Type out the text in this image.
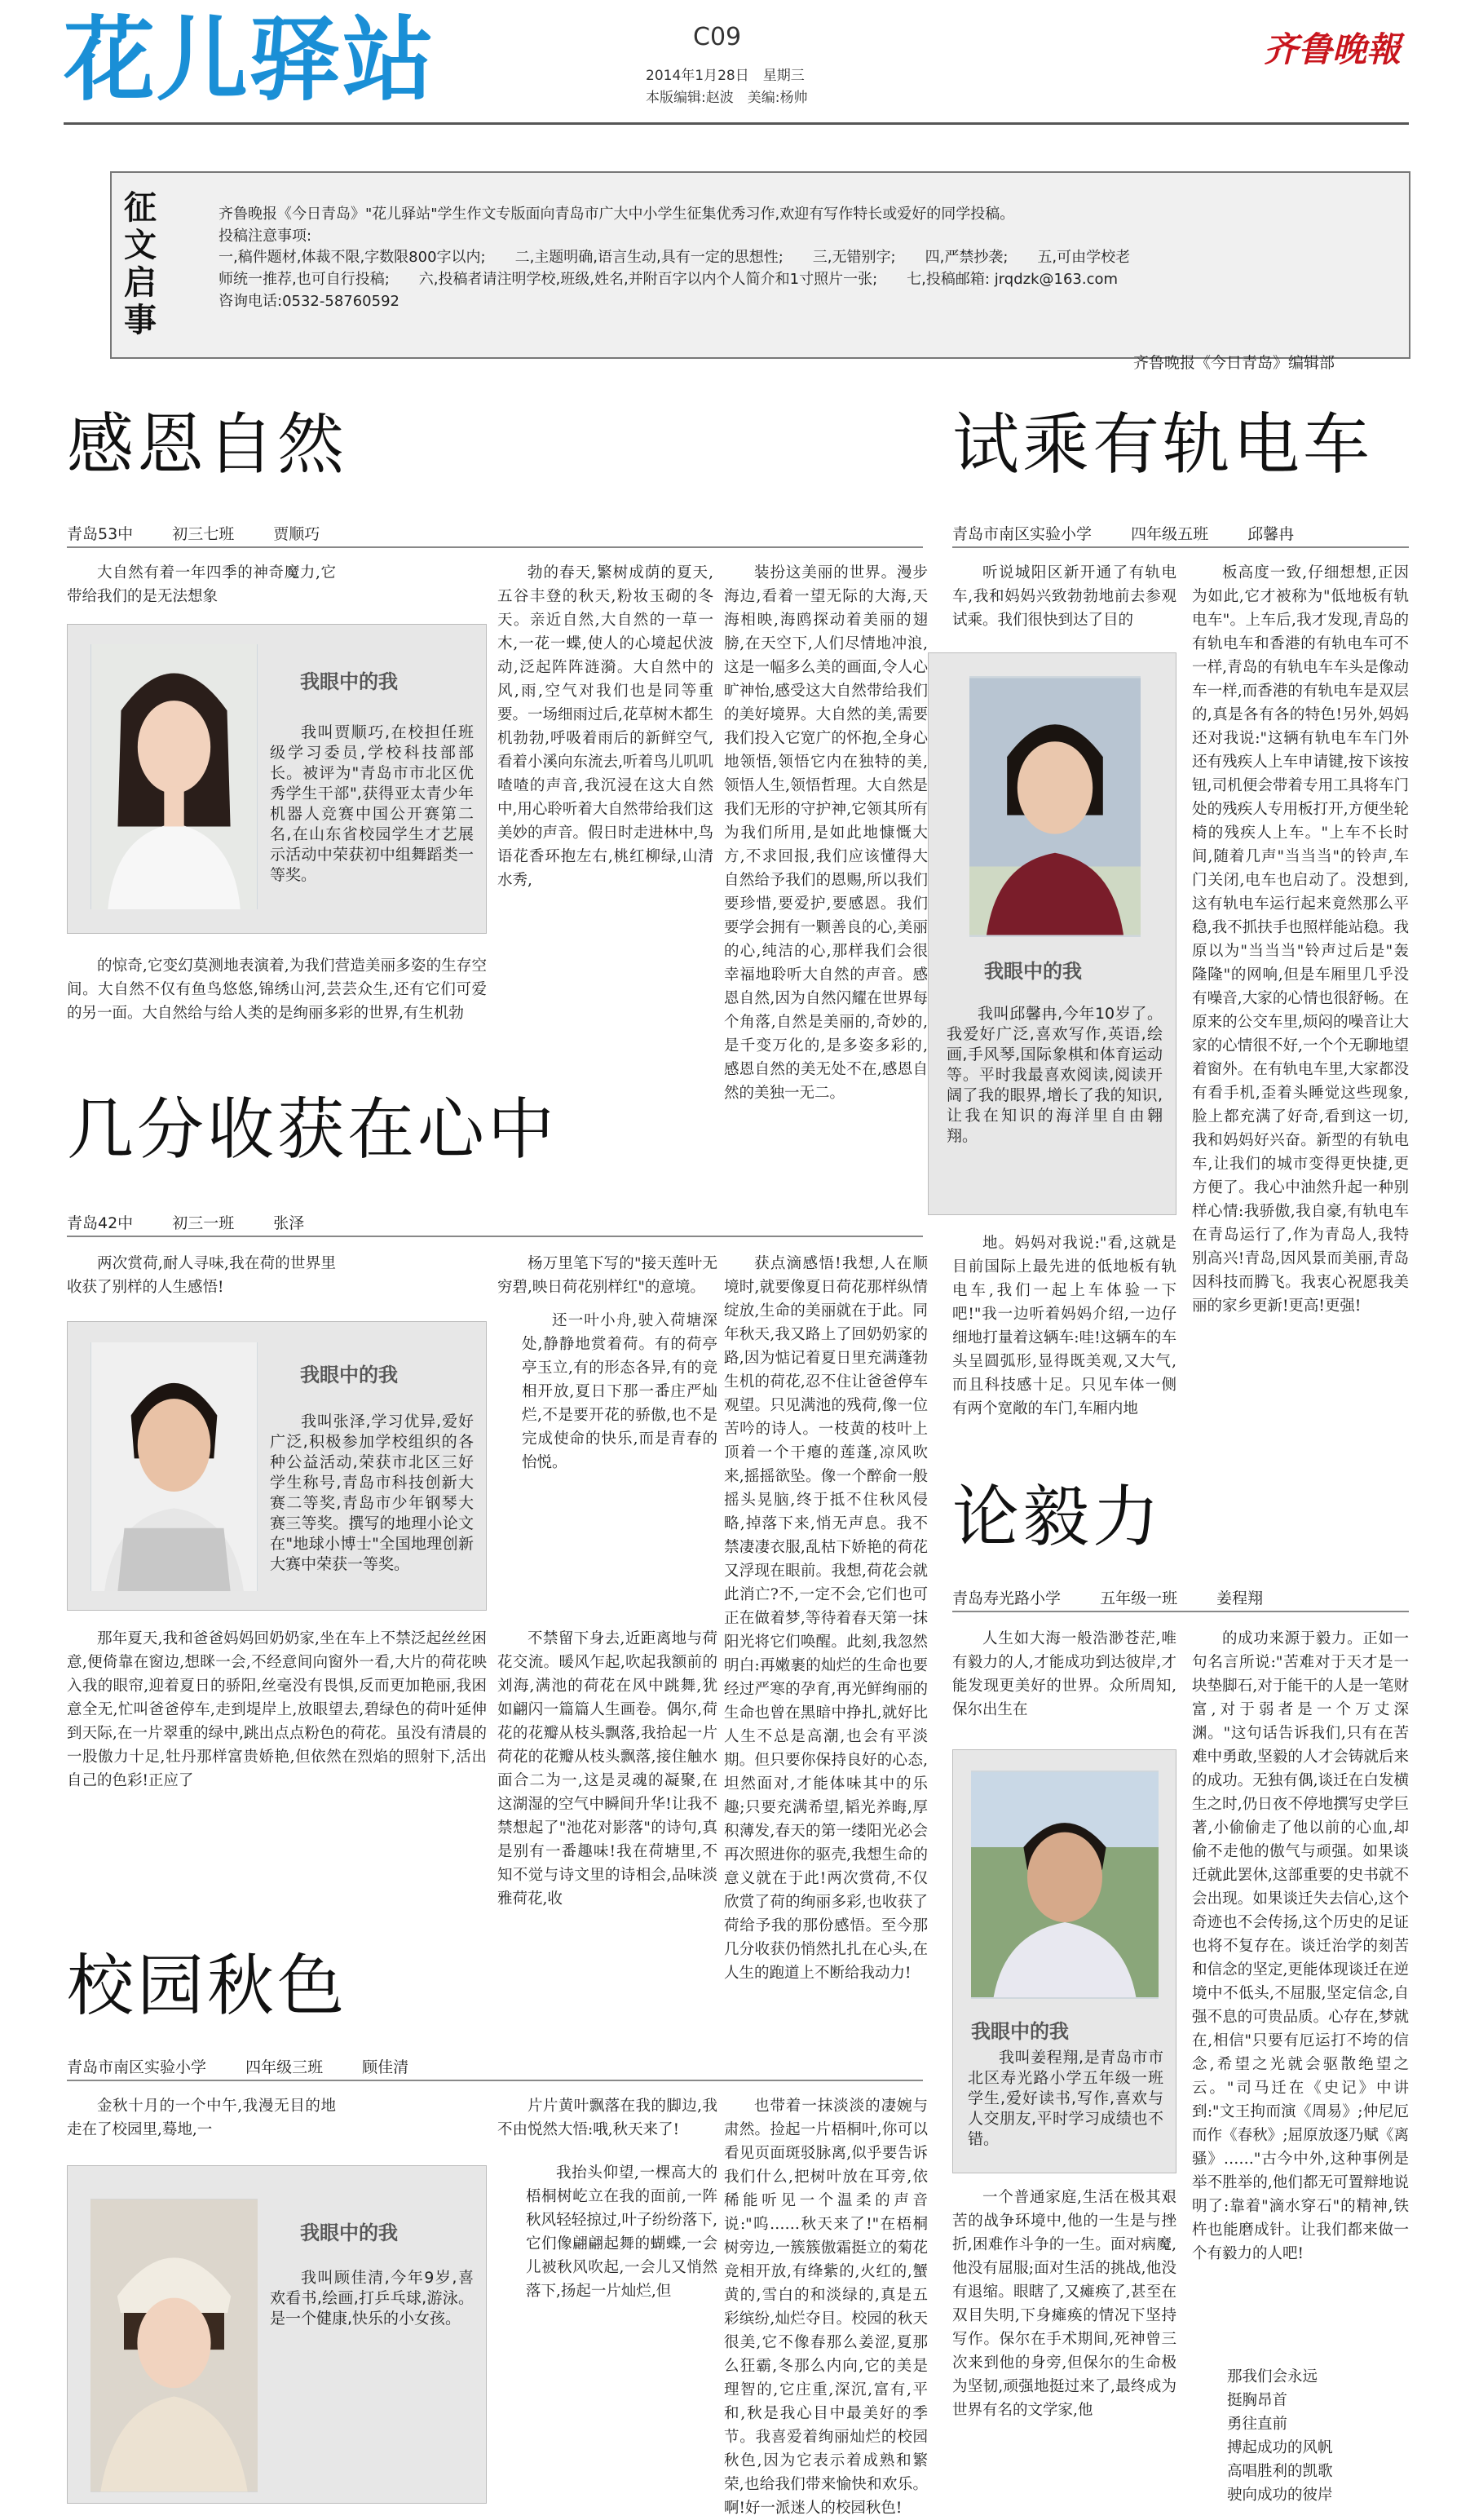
花儿驿站	C09
2014年1月28日　星期三
本版编辑:赵波　美编:杨帅
齐鲁晚報
征文启事
齐鲁晚报《今日青岛》"花儿驿站"学生作文专版面向青岛市广大中小学生征集优秀习作,欢迎有写作特长或爱好的同学投稿。
投稿注意事项:
一,稿件题材,体裁不限,字数限800字以内;　　二,主题明确,语言生动,具有一定的思想性;　　三,无错别字;　　四,严禁抄袭;　　五,可由学校老
师统一推荐,也可自行投稿;　　六,投稿者请注明学校,班级,姓名,并附百字以内个人简介和1寸照片一张;　　七,投稿邮箱: jrqdzk@163.com
咨询电话:0532-58760592
齐鲁晚报《今日青岛》编辑部
感恩自然
青岛53中	初三七班	贾顺巧

大自然有着一年四季的神奇魔力,它带给我们的是无法想象

我眼中的我
我叫贾顺巧,在校担任班级学习委员,学校科技部部长。被评为"青岛市市北区优秀学生干部",获得亚太青少年机器人竞赛中国公开赛第二名,在山东省校园学生才艺展示活动中荣获初中组舞蹈类一等奖。

的惊奇,它变幻莫测地表演着,为我们营造美丽多姿的生存空间。大自然不仅有鱼鸟悠悠,锦绣山河,芸芸众生,还有它们可爱的另一面。大自然给与给人类的是绚丽多彩的世界,有生机勃

勃的春天,繁树成荫的夏天,五谷丰登的秋天,粉妆玉砌的冬天。亲近自然,大自然的一草一木,一花一蝶,使人的心境起伏波动,泛起阵阵涟漪。大自然中的风,雨,空气对我们也是同等重要。一场细雨过后,花草树木都生机勃勃,呼吸着雨后的新鲜空气,看着小溪向东流去,听着鸟儿叽叽喳喳的声音,我沉浸在这大自然中,用心聆听着大自然带给我们这美妙的声音。假日时走进林中,鸟语花香环抱左右,桃红柳绿,山清水秀,

装扮这美丽的世界。漫步海边,看着一望无际的大海,天海相映,海鸥探动着美丽的翅膀,在天空下,人们尽情地冲浪,这是一幅多么美的画面,令人心旷神怡,感受这大自然带给我们的美好境界。大自然的美,需要我们投入它宽广的怀抱,全身心地领悟,领悟它内在独特的美,领悟人生,领悟哲理。大自然是我们无形的守护神,它领其所有为我们所用,是如此地慷慨大方,不求回报,我们应该懂得大自然给予我们的恩赐,所以我们要珍惜,要爱护,要感恩。我们要学会拥有一颗善良的心,美丽的心,纯洁的心,那样我们会很幸福地聆听大自然的声音。感恩自然,因为自然闪耀在世界每个角落,自然是美丽的,奇妙的,是千变万化的,是多姿多彩的,感恩自然的美无处不在,感恩自然的美独一无二。

几分收获在心中
青岛42中	初三一班	张泽

两次赏荷,耐人寻味,我在荷的世界里收获了别样的人生感悟!

我眼中的我
我叫张泽,学习优异,爱好广泛,积极参加学校组织的各种公益活动,荣获市北区三好学生称号,青岛市科技创新大赛二等奖,青岛市少年钢琴大赛三等奖。撰写的地理小论文在"地球小博士"全国地理创新大赛中荣获一等奖。

那年夏天,我和爸爸妈妈回奶奶家,坐在车上不禁泛起丝丝困意,便倚靠在窗边,想眯一会,不经意间向窗外一看,大片的荷花映入我的眼帘,迎着夏日的骄阳,丝毫没有畏惧,反而更加艳丽,我困意全无,忙叫爸爸停车,走到堤岸上,放眼望去,碧绿色的荷叶延伸到天际,在一片翠重的绿中,跳出点点粉色的荷花。虽没有清晨的一股傲力十足,牡丹那样富贵娇艳,但依然在烈焰的照射下,活出自己的色彩!正应了

杨万里笔下写的"接天莲叶无穷碧,映日荷花别样红"的意境。

还一叶小舟,驶入荷塘深处,静静地赏着荷。有的荷亭亭玉立,有的形态各异,有的竞相开放,夏日下那一番庄严灿烂,不是要开花的骄傲,也不是完成使命的快乐,而是青春的怡悦。

不禁留下身去,近距离地与荷花交流。暖风乍起,吹起我额前的刘海,满池的荷花在风中跳舞,犹如翩闪一篇篇人生画卷。偶尔,荷花的花瓣从枝头飘落,我拾起一片荷花的花瓣从枝头飘落,接住触水面合二为一,这是灵魂的凝聚,在这湖湿的空气中瞬间升华!让我不禁想起了"池花对影落"的诗句,真是别有一番趣味!我在荷塘里,不知不觉与诗文里的诗相会,品味淡雅荷花,收

获点滴感悟!我想,人在顺境时,就要像夏日荷花那样纵情绽放,生命的美丽就在于此。同年秋天,我又路上了回奶奶家的路,因为惦记着夏日里充满蓬勃生机的荷花,忍不住让爸爸停车观望。只见满池的残荷,像一位苦吟的诗人。一枝黄的枝叶上顶着一个干瘪的莲蓬,凉风吹来,摇摇欲坠。像一个醉俞一般摇头晃脑,终于抵不住秋风侵略,掉落下来,悄无声息。我不禁凄凄衣服,乱枯下娇艳的荷花又浮现在眼前。我想,荷花会就此消亡?不,一定不会,它们也可正在做着梦,等待着春天第一抹阳光将它们唤醒。此刻,我忽然明白:再嫩裹的灿烂的生命也要经过严寒的孕育,再光鲜绚丽的生命也曾在黑暗中挣扎,就好比人生不总是高潮,也会有平淡期。但只要你保持良好的心态,坦然面对,才能体味其中的乐趣;只要充满希望,韬光养晦,厚积薄发,春天的第一缕阳光必会再次照进你的驱壳,我想生命的意义就在于此!两次赏荷,不仅欣赏了荷的绚丽多彩,也收获了荷给予我的那份感悟。至今那几分收获仍悄然扎扎在心头,在人生的跑道上不断给我动力!

校园秋色
青岛市南区实验小学	四年级三班	顾佳清

金秋十月的一个中午,我漫无目的地走在了校园里,蓦地,一

我眼中的我
我叫顾佳清,今年9岁,喜欢看书,绘画,打乒乓球,游泳。是一个健康,快乐的小女孩。

片片黄叶飘落在我的脚边,我不由悦然大悟:哦,秋天来了!

我抬头仰望,一棵高大的梧桐树屹立在我的面前,一阵秋风轻轻掠过,叶子纷纷落下,它们像翩翩起舞的蝴蝶,一会儿被秋风吹起,一会儿又悄然落下,扬起一片灿烂,但

也带着一抹淡淡的凄婉与肃然。捡起一片梧桐叶,你可以看见页面斑驳脉离,似乎要告诉我们什么,把树叶放在耳旁,依稀能听见一个温柔的声音说:"呜……秋天来了!"在梧桐树旁边,一簇簇傲霜挺立的菊花竞相开放,有绛紫的,火红的,蟹黄的,雪白的和淡绿的,真是五彩缤纷,灿烂夺目。校园的秋天很美,它不像春那么姜涩,夏那么狂霸,冬那么内向,它的美是理智的,它庄重,深沉,富有,平和,秋是我心目中最美好的季节。我喜爱着绚丽灿烂的校园秋色,因为它表示着成熟和繁荣,也给我们带来愉快和欢乐。啊!好一派迷人的校园秋色!

试乘有轨电车
青岛市南区实验小学	四年级五班	邱馨冉

听说城阳区新开通了有轨电车,我和妈妈兴致勃勃地前去参观试乘。我们很快到达了目的

我眼中的我
我叫邱馨冉,今年10岁了。我爱好广泛,喜欢写作,英语,绘画,手风琴,国际象棋和体育运动等。平时我最喜欢阅读,阅读开阔了我的眼界,增长了我的知识,让我在知识的海洋里自由翱翔。

地。妈妈对我说:"看,这就是目前国际上最先进的低地板有轨电车,我们一起上车体验一下吧!"我一边听着妈妈介绍,一边仔细地打量着这辆车:哇!这辆车的车头呈圆弧形,显得既美观,又大气,而且科技感十足。只见车体一侧有两个宽敞的车门,车厢内地

板高度一致,仔细想想,正因为如此,它才被称为"低地板有轨电车"。上车后,我才发现,青岛的有轨电车和香港的有轨电车可不一样,青岛的有轨电车车头是像动车一样,而香港的有轨电车是双层的,真是各有各的特色!另外,妈妈还对我说:"这辆有轨电车车门外还有残疾人上车申请键,按下该按钮,司机便会带着专用工具将车门处的残疾人专用板打开,方便坐轮椅的残疾人上车。"上车不长时间,随着几声"当当当"的铃声,车门关闭,电车也启动了。没想到,这有轨电车运行起来竟然那么平稳,我不抓扶手也照样能站稳。我原以为"当当当"铃声过后是"轰隆隆"的网响,但是车厢里几乎没有噪音,大家的心情也很舒畅。在原来的公交车里,烦闷的噪音让大家的心情很不好,一个个无聊地望着窗外。在有轨电车里,大家都没有看手机,歪着头睡觉这些现象,脸上都充满了好奇,看到这一切,我和妈妈好兴奋。新型的有轨电车,让我们的城市变得更快捷,更方便了。我心中油然升起一种别样心情:我骄傲,我自豪,有轨电车在青岛运行了,作为青岛人,我特别高兴!青岛,因风景而美丽,青岛因科技而腾飞。我衷心祝愿我美丽的家乡更新!更高!更强!

论毅力
青岛寿光路小学	五年级一班	姜程翔

人生如大海一般浩渺苍茫,唯有毅力的人,才能成功到达彼岸,才能发现更美好的世界。众所周知,保尔出生在

我眼中的我
我叫姜程翔,是青岛市市北区寿光路小学五年级一班学生,爱好读书,写作,喜欢与人交朋友,平时学习成绩也不错。

一个普通家庭,生活在极其艰苦的战争环境中,他的一生是与挫折,困难作斗争的一生。面对病魔,他没有屈服;面对生活的挑战,他没有退缩。眼瞎了,又瘫痪了,甚至在双目失明,下身瘫痪的情况下坚持写作。保尔在手术期间,死神曾三次来到他的身旁,但保尔的生命极为坚韧,顽强地挺过来了,最终成为世界有名的文学家,他

的成功来源于毅力。正如一句名言所说:"苦难对于天才是一块垫脚石,对于能干的人是一笔财富,对于弱者是一个万丈深渊。"这句话告诉我们,只有在苦难中勇敢,坚毅的人才会铸就后来的成功。无独有偶,谈迁在白发横生之时,仍日夜不停地撰写史学巨著,小偷偷走了他以前的心血,却偷不走他的傲气与顽强。如果谈迁就此罢休,这部重要的史书就不会出现。如果谈迁失去信心,这个奇迹也不会传扬,这个历史的足证也将不复存在。谈迁治学的刻苦和信念的坚定,更能体现谈迁在逆境中不低头,不屈服,坚定信念,自强不息的可贵品质。心存在,梦就在,相信"只要有厄运打不垮的信念,希望之光就会驱散绝望之云。"司马迁在《史记》中讲到:"文王拘而演《周易》;仲尼厄而作《春秋》;屈原放逐乃赋《离骚》……"古今中外,这种事例是举不胜举的,他们都无可置辩地说明了:靠着"滴水穿石"的精神,铁杵也能磨成针。让我们都来做一个有毅力的人吧!

那我们会永远
挺胸昂首
勇往直前
搏起成功的风帆
高唱胜利的凯歌
驶向成功的彼岸
